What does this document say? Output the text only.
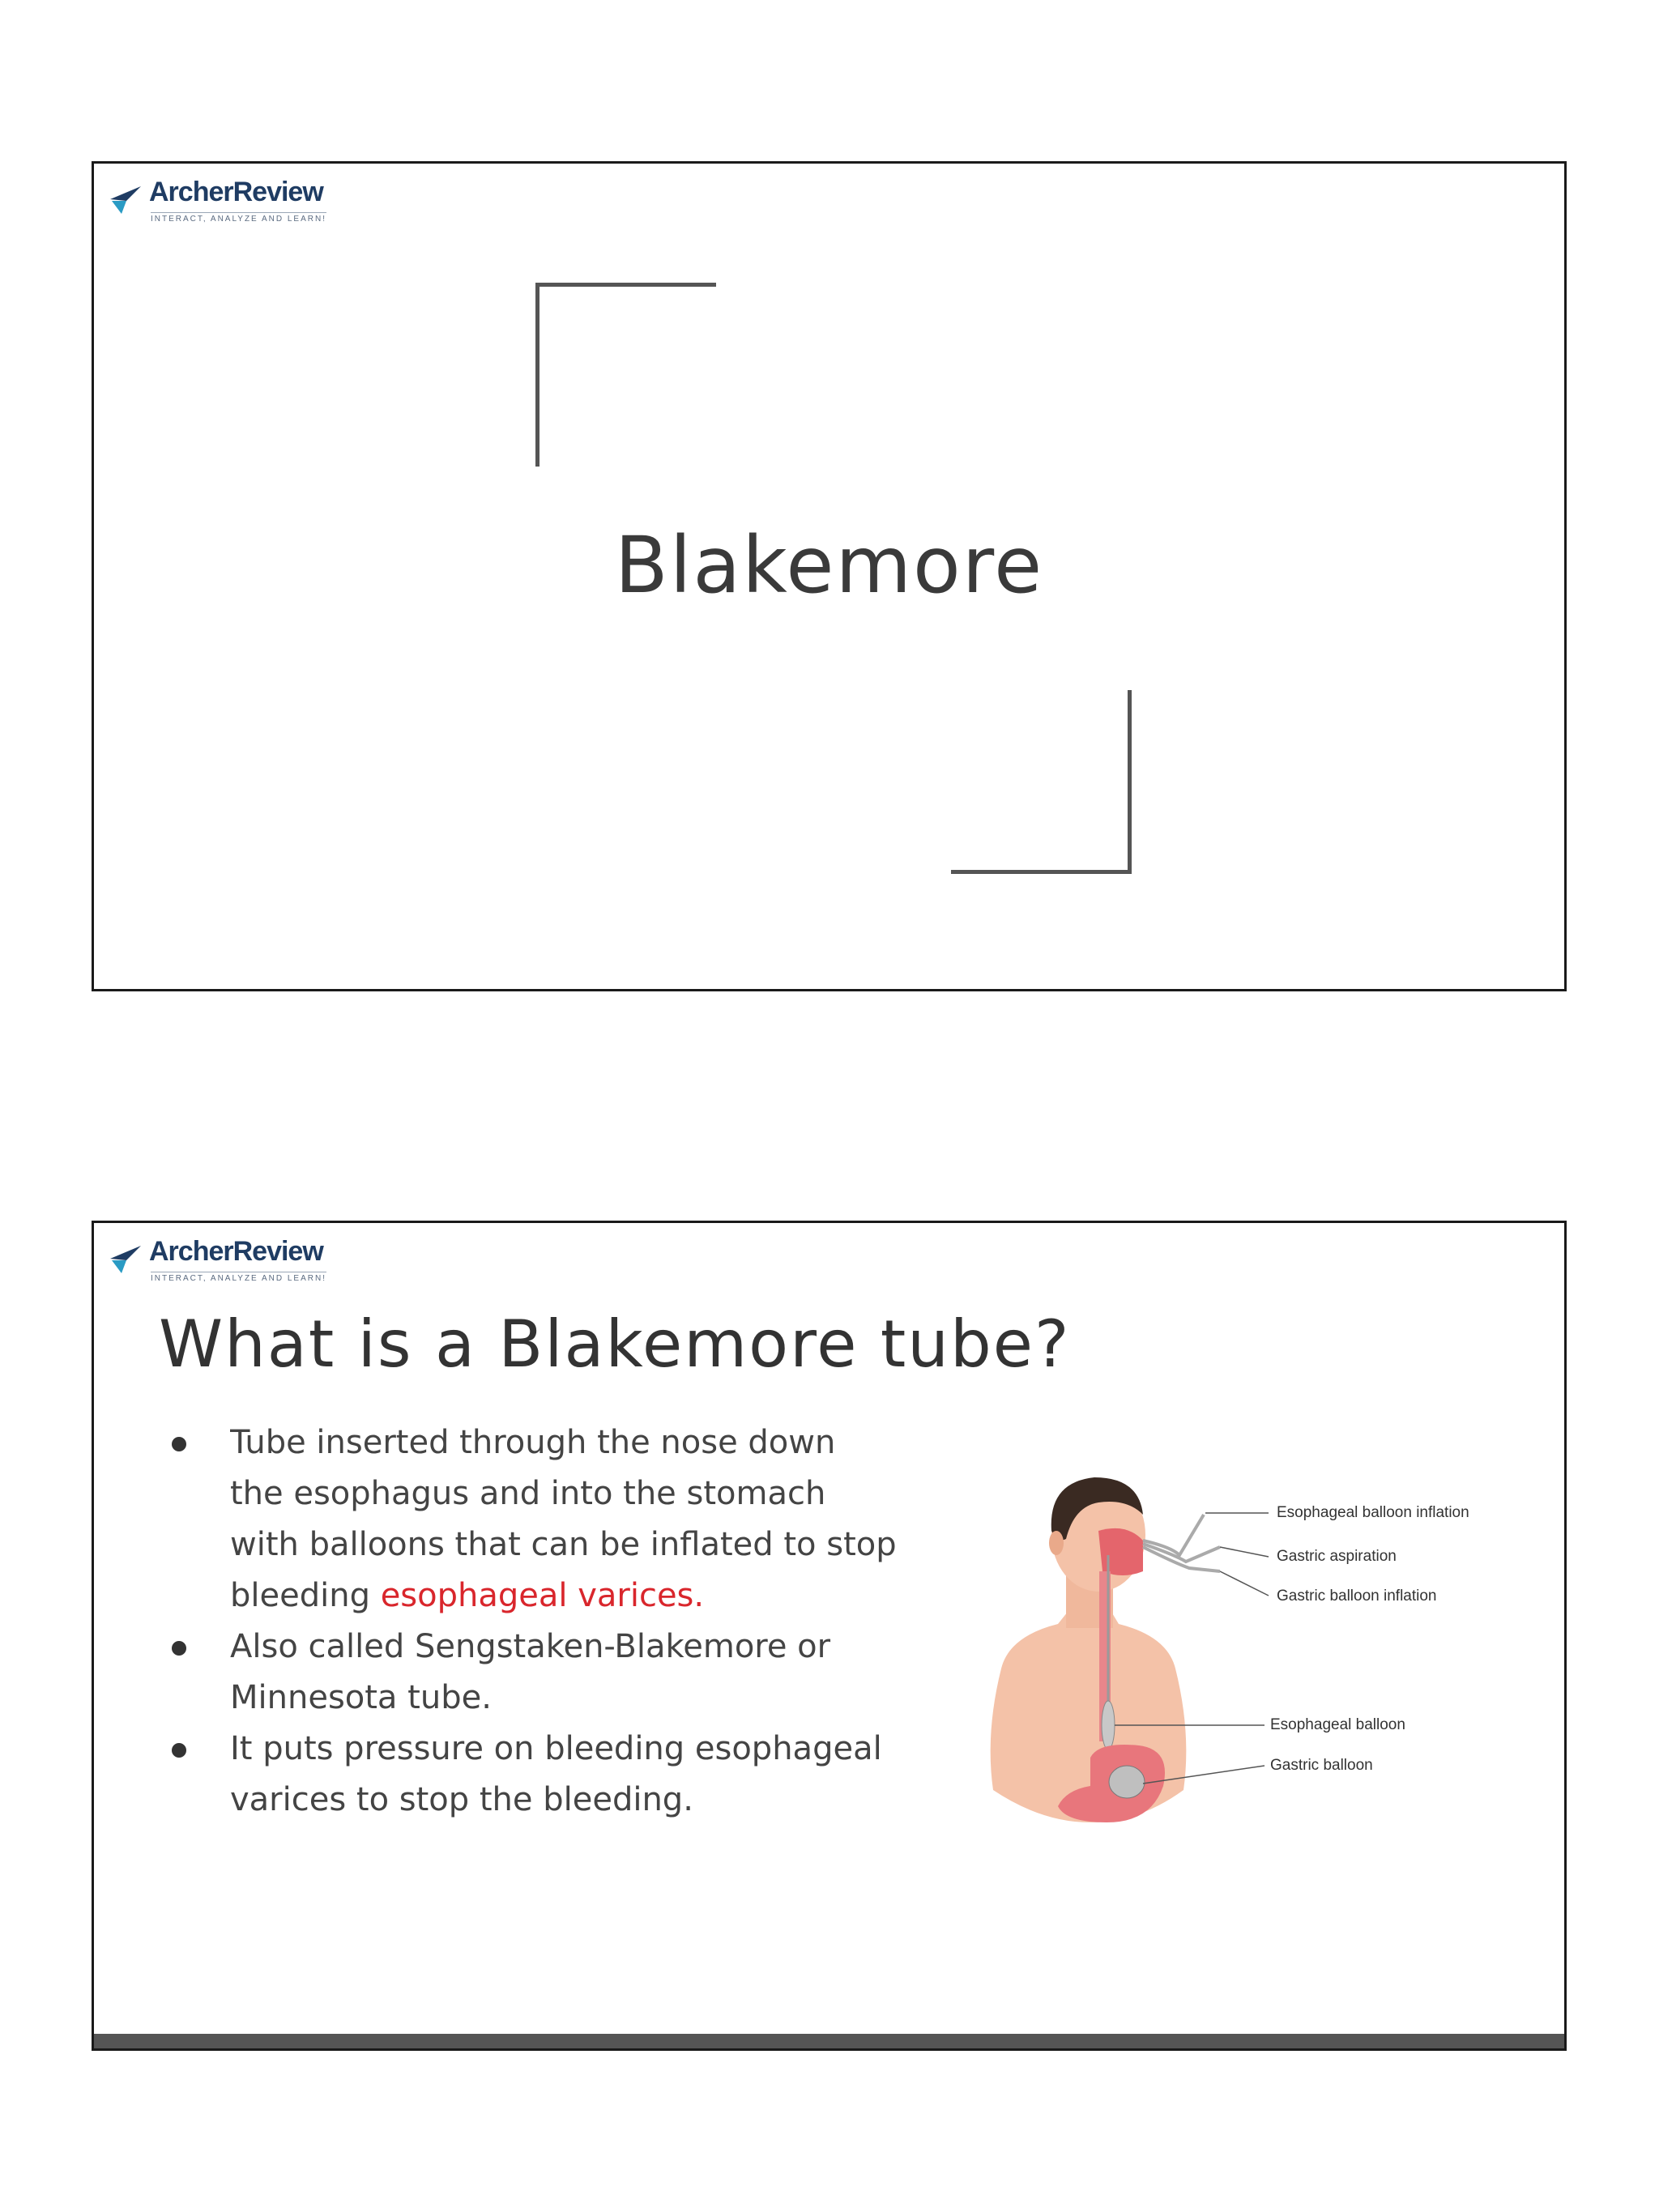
ArcherReview
INTERACT, ANALYZE AND LEARN!
Blakemore
ArcherReview
INTERACT, ANALYZE AND LEARN!
What is a Blakemore tube?
Tube inserted through the nose down
the esophagus and into the stomach
with balloons that can be inflated to stop
bleeding esophageal varices.
Also called Sengstaken-Blakemore or
Minnesota tube.
It puts pressure on bleeding esophageal
varices to stop the bleeding.
Esophageal balloon inflation
Gastric aspiration
Gastric balloon inflation
Esophageal balloon
Gastric balloon
